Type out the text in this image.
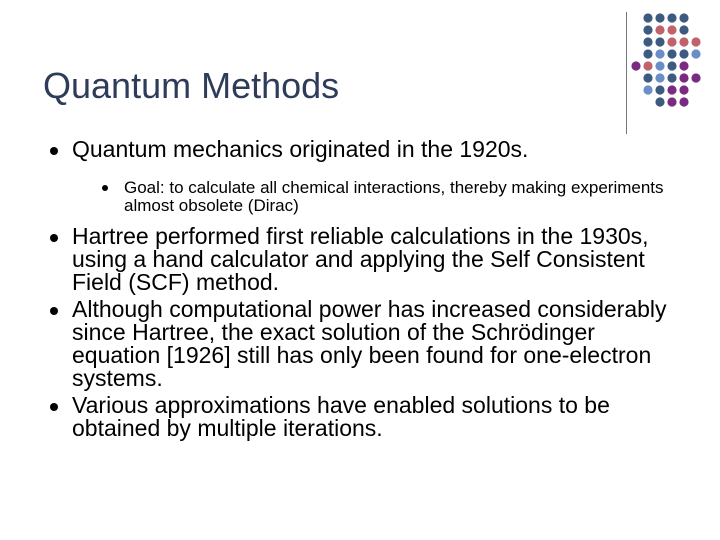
Quantum Methods
Quantum mechanics originated in the 1920s.
Goal: to calculate all chemical interactions, thereby making experiments almost obsolete (Dirac)
Hartree performed first reliable calculations in the 1930s, using a hand calculator and applying the Self Consistent Field (SCF) method.
Although computational power has increased considerably since Hartree, the exact solution of the Schrödinger equation [1926] still has only been found for one-electron systems.
Various approximations have enabled solutions to be obtained by multiple iterations.
